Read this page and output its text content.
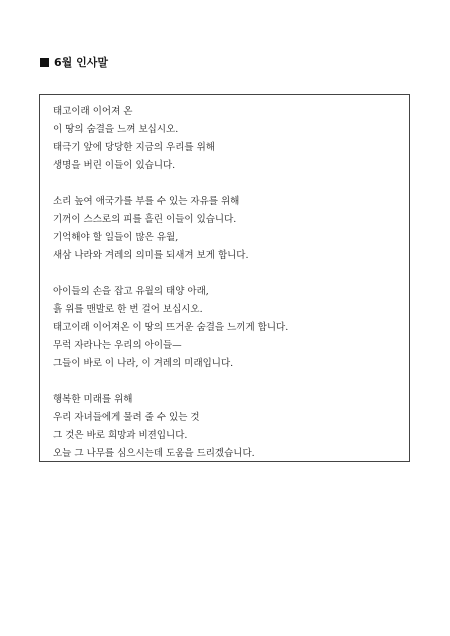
6월 인사말
태고이래 이어져 온
이 땅의 숨결을 느껴 보십시오.
태극기 앞에 당당한 지금의 우리를 위해
생명을 버린 이들이 있습니다.
소리 높여 애국가를 부를 수 있는 자유를 위해
기꺼이 스스로의 피를 흘린 이들이 있습니다.
기억해야 할 일들이 많은 유월,
새삼 나라와 겨레의 의미를 되새겨 보게 합니다.
아이들의 손을 잡고 유월의 태양 아래,
흙 위를 맨발로 한 번 걸어 보십시오.
태고이래 이어져온 이 땅의 뜨거운 숨결을 느끼게 합니다.
무럭 자라나는 우리의 아이들—
그들이 바로 이 나라, 이 겨레의 미래입니다.
행복한 미래를 위해
우리 자녀들에게 물려 줄 수 있는 것
그 것은 바로 희망과 비젼입니다.
오늘 그 나무를 심으시는데 도움을 드리겠습니다.
